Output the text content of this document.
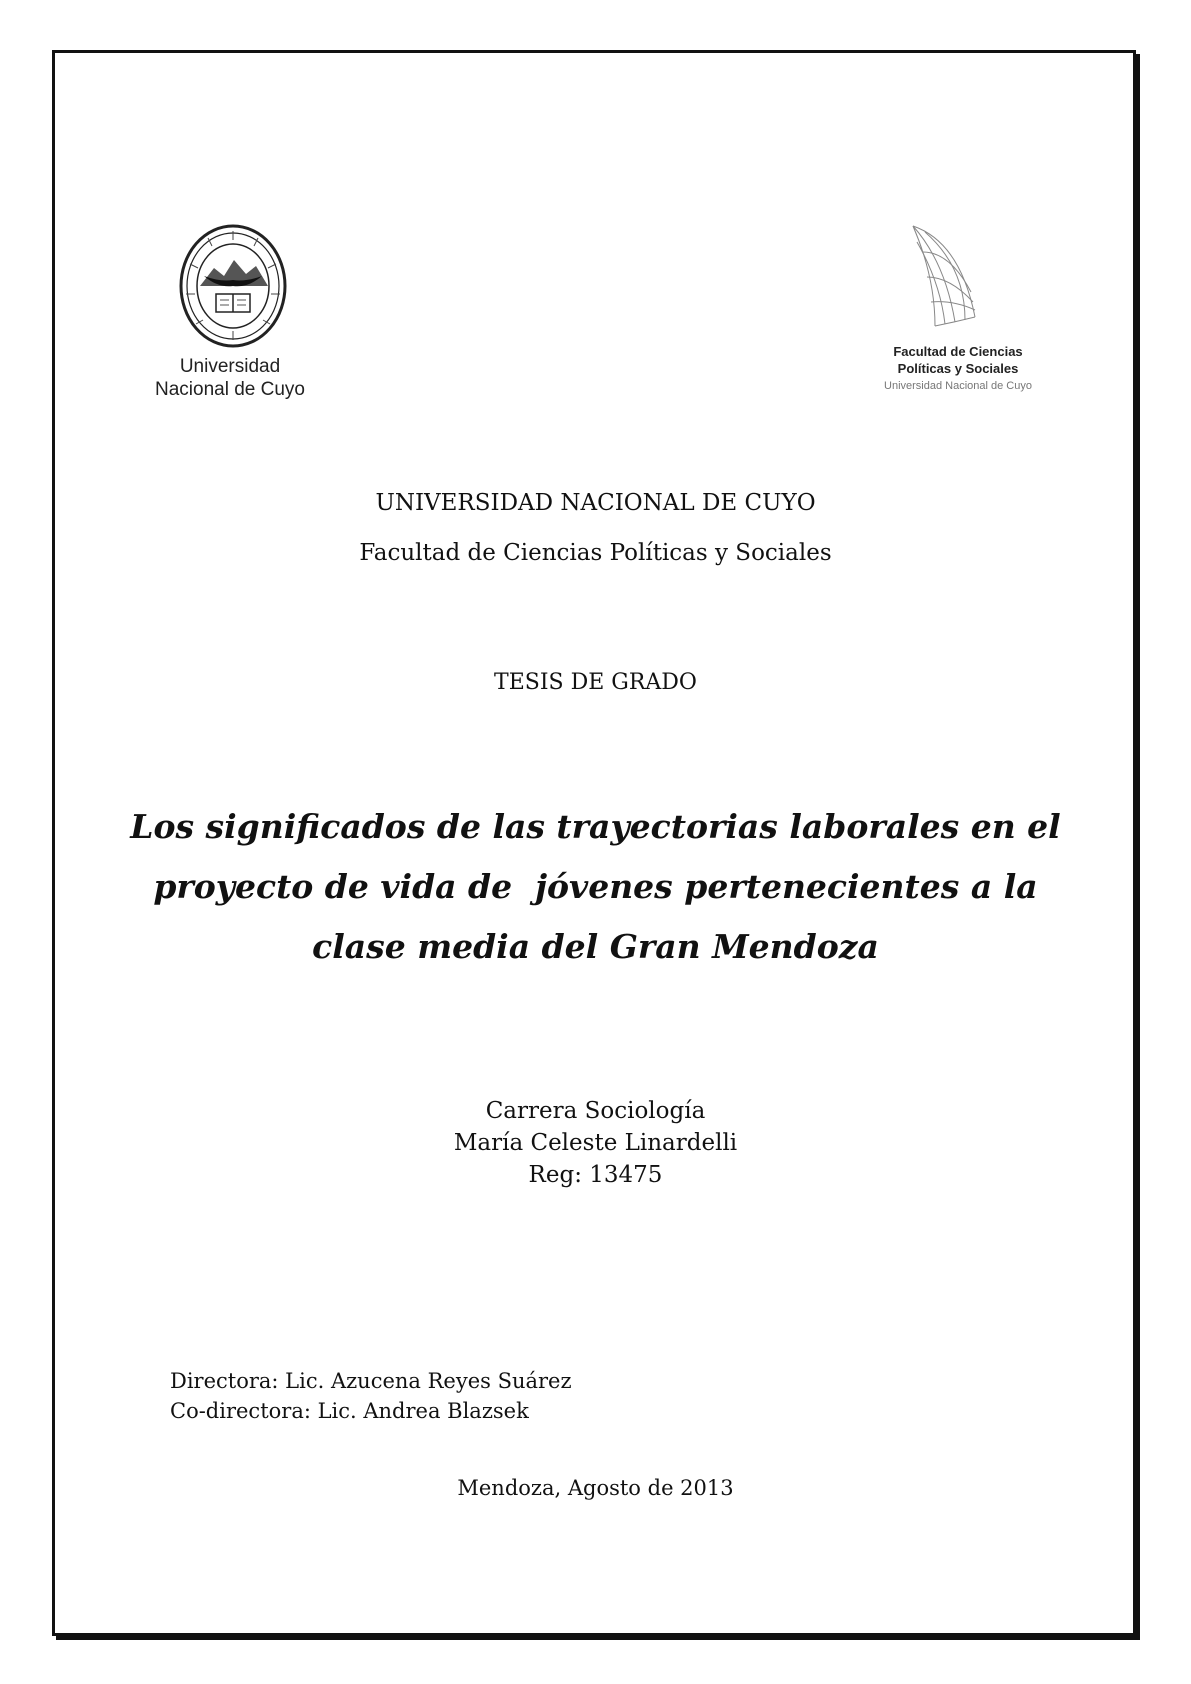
Universidad
Nacional de Cuyo
Facultad de Ciencias
Políticas y Sociales
Universidad Nacional de Cuyo
UNIVERSIDAD NACIONAL DE CUYO
Facultad de Ciencias Políticas y Sociales
TESIS DE GRADO
Los significados de las trayectorias laborales en el
proyecto de vida de  jóvenes pertenecientes a la
clase media del Gran Mendoza
Carrera Sociología
María Celeste Linardelli
Reg: 13475
Directora: Lic. Azucena Reyes Suárez
Co-directora: Lic. Andrea Blazsek
Mendoza, Agosto de 2013
